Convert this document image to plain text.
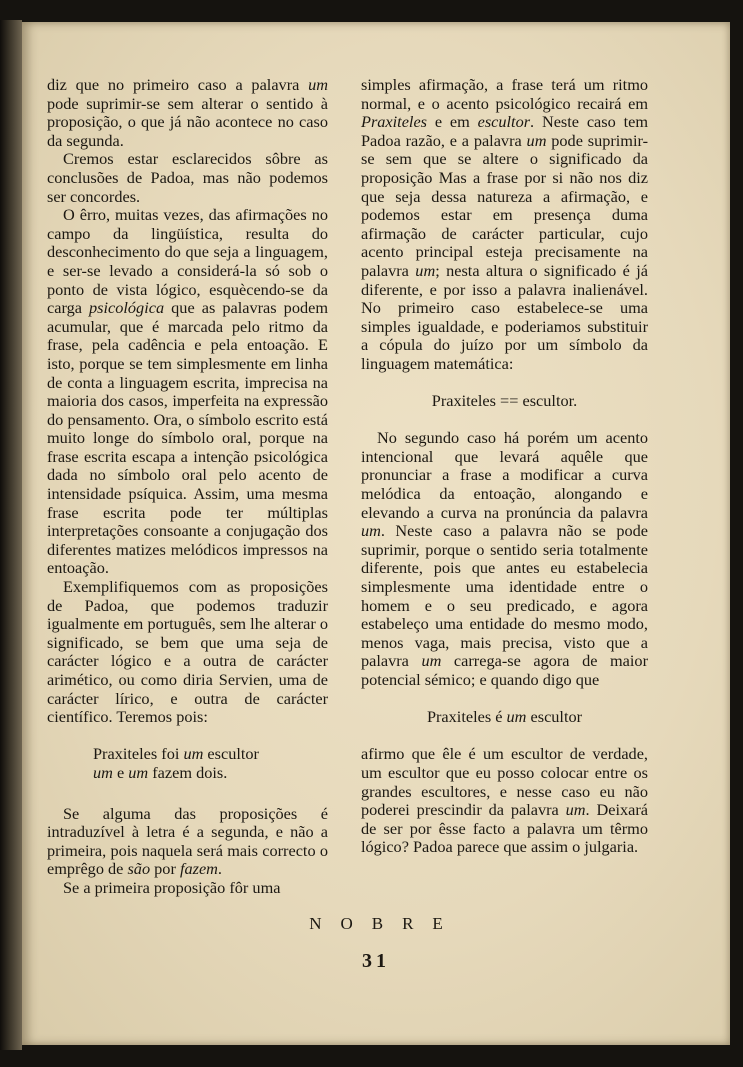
diz que no primeiro caso a palavra um pode suprimir-se sem alterar o sentido à proposição, o que já não acontece no caso da segunda.

Cremos estar esclarecidos sôbre as conclusões de Padoa, mas não podemos ser concordes.

O êrro, muitas vezes, das afirmações no campo da lingüística, resulta do desconhecimento do que seja a linguagem, e ser-se levado a considerá-la só sob o ponto de vista lógico, esquècendo-se da carga psicológica que as palavras podem acumular, que é marcada pelo ritmo da frase, pela cadência e pela entoação. E isto, porque se tem simplesmente em linha de conta a linguagem escrita, imprecisa na maioria dos casos, imperfeita na expressão do pensamento. Ora, o símbolo escrito está muito longe do símbolo oral, porque na frase escrita escapa a intenção psicológica dada no símbolo oral pelo acento de intensidade psíquica. Assim, uma mesma frase escrita pode ter múltiplas interpretações consoante a conjugação dos diferentes matizes melódicos impressos na entoação.

Exemplifiquemos com as proposições de Padoa, que podemos traduzir igualmente em português, sem lhe alterar o significado, se bem que uma seja de carácter lógico e a outra de carácter arimético, ou como diria Servien, uma de carácter lírico, e outra de carácter científico. Teremos pois:

Praxiteles foi um escultor

um e um fazem dois.

Se alguma das proposições é intraduzível à letra é a segunda, e não a primeira, pois naquela será mais correcto o emprêgo de são por fazem.

Se a primeira proposição fôr uma

simples afirmação, a frase terá um ritmo normal, e o acento psicológico recairá em Praxiteles e em escultor. Neste caso tem Padoa razão, e a palavra um pode suprimir-se sem que se altere o significado da proposição Mas a frase por si não nos diz que seja dessa natureza a afirmação, e podemos estar em presença duma afirmação de carácter particular, cujo acento principal esteja precisamente na palavra um; nesta altura o significado é já diferente, e por isso a palavra inalienável. No primeiro caso estabelece-se uma simples igualdade, e poderiamos substituir a cópula do juízo por um símbolo da linguagem matemática:

Praxiteles == escultor.

No segundo caso há porém um acento intencional que levará aquêle que pronunciar a frase a modificar a curva melódica da entoação, alongando e elevando a curva na pronúncia da palavra um. Neste caso a palavra não se pode suprimir, porque o sentido seria totalmente diferente, pois que antes eu estabelecia simplesmente uma identidade entre o homem e o seu predicado, e agora estabeleço uma entidade do mesmo modo, menos vaga, mais precisa, visto que a palavra um carrega-se agora de maior potencial sémico; e quando digo que

Praxiteles é um escultor

afirmo que êle é um escultor de verdade, um escultor que eu posso colocar entre os grandes escultores, e nesse caso eu não poderei prescindir da palavra um. Deixará de ser por êsse facto a palavra um têrmo lógico? Padoa parece que assim o julgaria.

NOBRE
31
